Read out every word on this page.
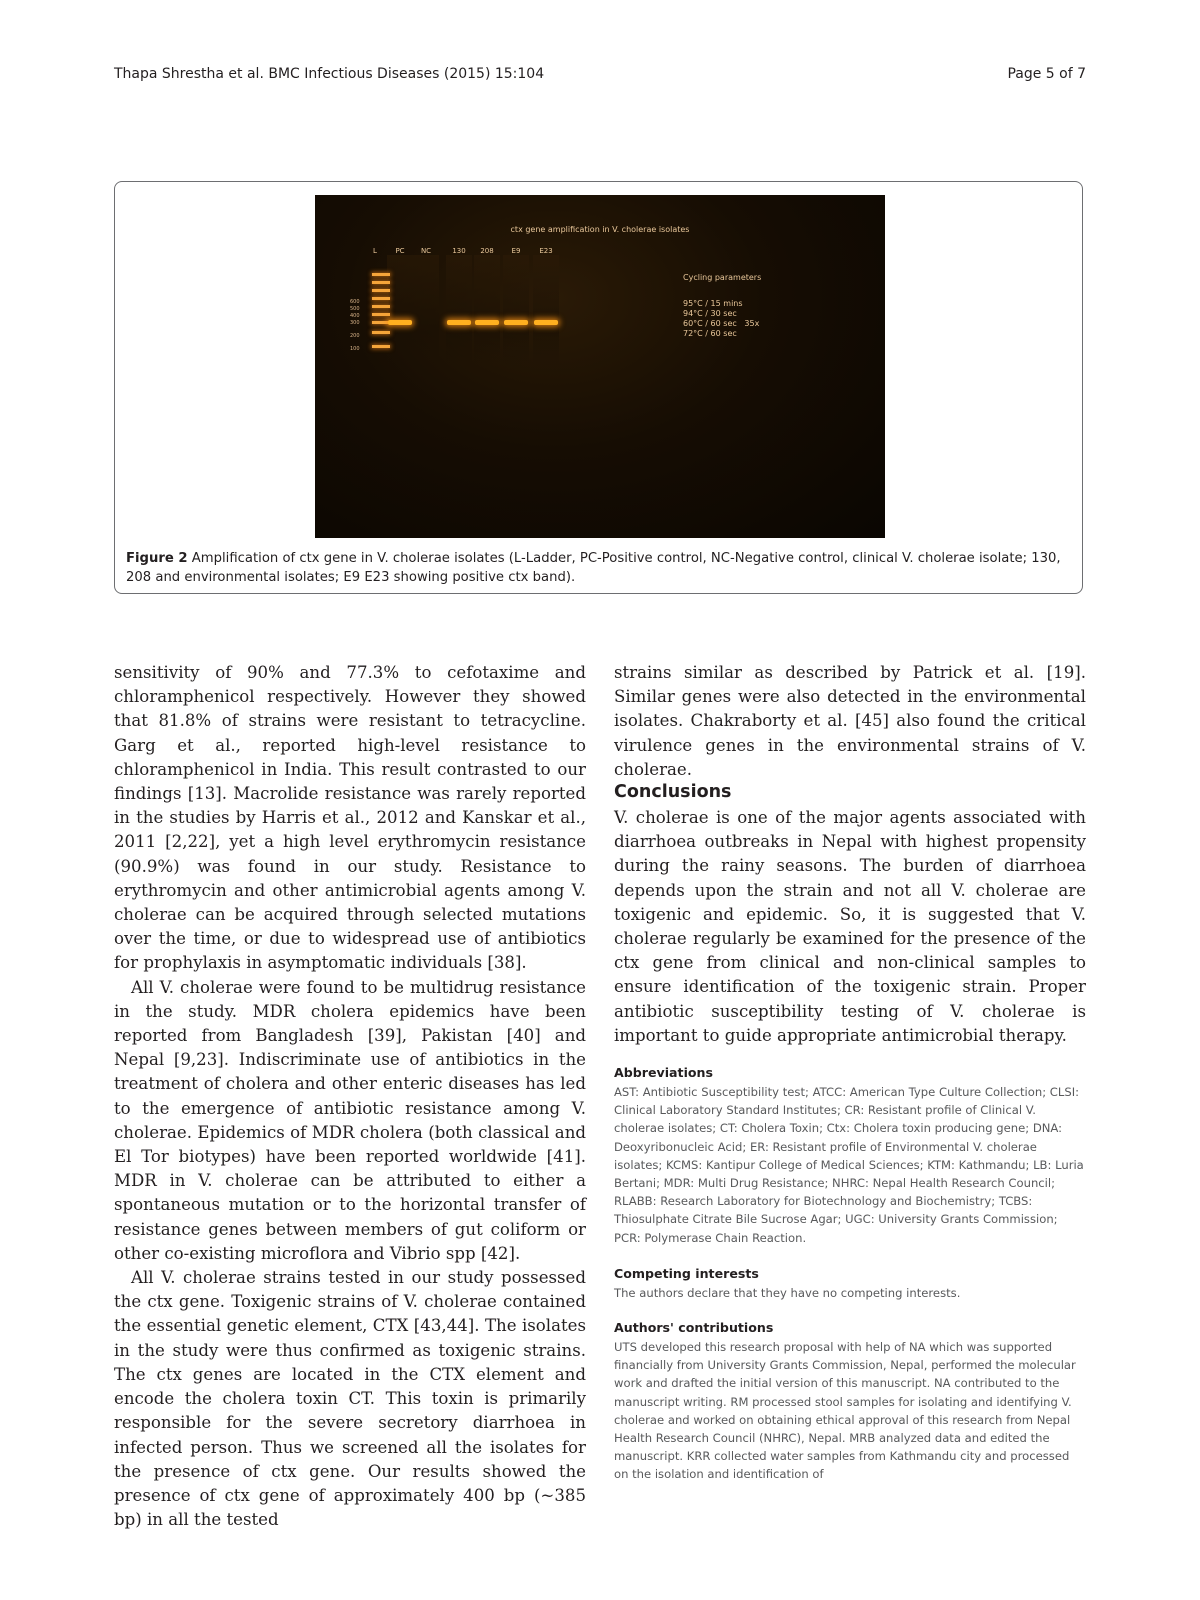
Thapa Shrestha et al. BMC Infectious Diseases (2015) 15:104	Page 5 of 7
ctx gene amplification in V. cholerae isolates
L	PC NC	130 208	E9	E23
600
500
400
300
200
100
Cycling parameters
95°C / 15 mins
94°C / 30 sec
60°C / 60 sec   35x
72°C / 60 sec
Figure 2 Amplification of ctx gene in V. cholerae isolates (L-Ladder, PC-Positive control, NC-Negative control, clinical V. cholerae isolate; 130, 208 and environmental isolates; E9 E23 showing positive ctx band).

sensitivity of 90% and 77.3% to cefotaxime and chloramphenicol respectively. However they showed that 81.8% of strains were resistant to tetracycline. Garg et al., reported high-level resistance to chloramphenicol in India. This result contrasted to our findings [13]. Macrolide resistance was rarely reported in the studies by Harris et al., 2012 and Kanskar et al., 2011 [2,22], yet a high level erythromycin resistance (90.9%) was found in our study. Resistance to erythromycin and other antimicrobial agents among V. cholerae can be acquired through selected mutations over the time, or due to widespread use of antibiotics for prophylaxis in asymptomatic individuals [38].

All V. cholerae were found to be multidrug resistance in the study. MDR cholera epidemics have been reported from Bangladesh [39], Pakistan [40] and Nepal [9,23]. Indiscriminate use of antibiotics in the treatment of cholera and other enteric diseases has led to the emergence of antibiotic resistance among V. cholerae. Epidemics of MDR cholera (both classical and El Tor biotypes) have been reported worldwide [41]. MDR in V. cholerae can be attributed to either a spontaneous mutation or to the horizontal transfer of resistance genes between members of gut coliform or other co-existing microflora and Vibrio spp [42].

All V. cholerae strains tested in our study possessed the ctx gene. Toxigenic strains of V. cholerae contained the essential genetic element, CTX [43,44]. The isolates in the study were thus confirmed as toxigenic strains. The ctx genes are located in the CTX element and encode the cholera toxin CT. This toxin is primarily responsible for the severe secretory diarrhoea in infected person. Thus we screened all the isolates for the presence of ctx gene. Our results showed the presence of ctx gene of approximately 400 bp (~385 bp) in all the tested

strains similar as described by Patrick et al. [19]. Similar genes were also detected in the environmental isolates. Chakraborty et al. [45] also found the critical virulence genes in the environmental strains of V. cholerae.

Conclusions

V. cholerae is one of the major agents associated with diarrhoea outbreaks in Nepal with highest propensity during the rainy seasons. The burden of diarrhoea depends upon the strain and not all V. cholerae are toxigenic and epidemic. So, it is suggested that V. cholerae regularly be examined for the presence of the ctx gene from clinical and non-clinical samples to ensure identification of the toxigenic strain. Proper antibiotic susceptibility testing of V. cholerae is important to guide appropriate antimicrobial therapy.

Abbreviations

AST: Antibiotic Susceptibility test; ATCC: American Type Culture Collection; CLSI: Clinical Laboratory Standard Institutes; CR: Resistant profile of Clinical V. cholerae isolates; CT: Cholera Toxin; Ctx: Cholera toxin producing gene; DNA: Deoxyribonucleic Acid; ER: Resistant profile of Environmental V. cholerae isolates; KCMS: Kantipur College of Medical Sciences; KTM: Kathmandu; LB: Luria Bertani; MDR: Multi Drug Resistance; NHRC: Nepal Health Research Council; RLABB: Research Laboratory for Biotechnology and Biochemistry; TCBS: Thiosulphate Citrate Bile Sucrose Agar; UGC: University Grants Commission; PCR: Polymerase Chain Reaction.

Competing interests

The authors declare that they have no competing interests.

Authors' contributions

UTS developed this research proposal with help of NA which was supported financially from University Grants Commission, Nepal, performed the molecular work and drafted the initial version of this manuscript. NA contributed to the manuscript writing. RM processed stool samples for isolating and identifying V. cholerae and worked on obtaining ethical approval of this research from Nepal Health Research Council (NHRC), Nepal. MRB analyzed data and edited the manuscript. KRR collected water samples from Kathmandu city and processed on the isolation and identification of
